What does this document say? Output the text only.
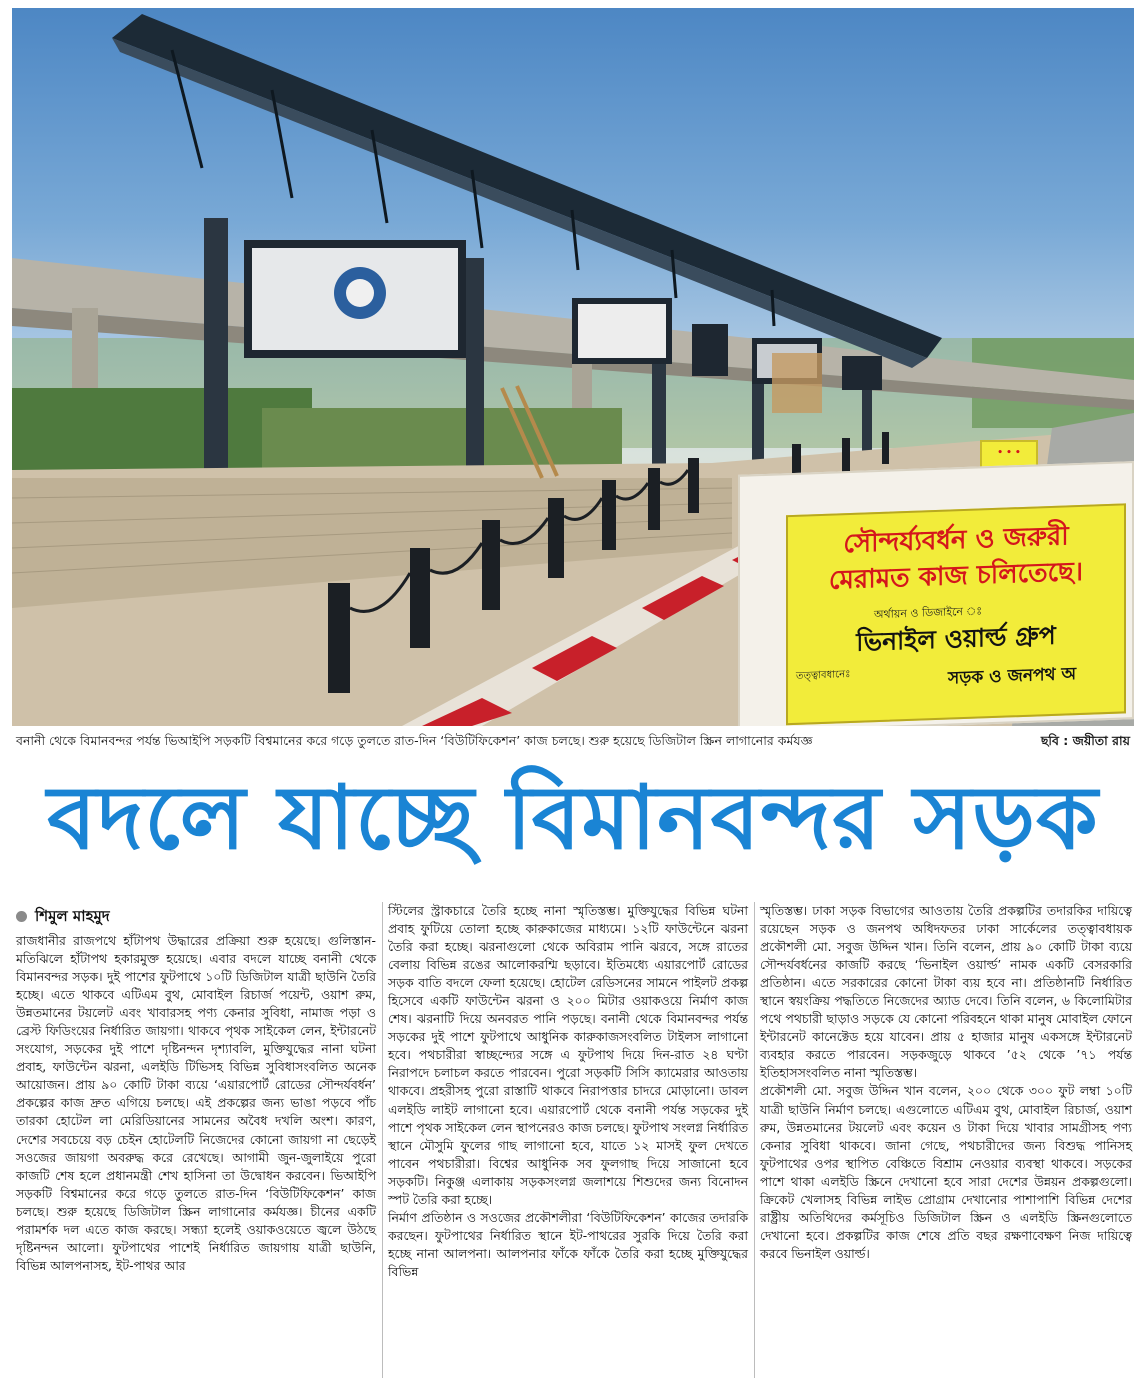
• • •
সৌন্দর্য্যবর্ধন ও জরুরী
মেরামত কাজ চলিতেছে।
অর্থায়ন ও ডিজাইনে ঃ
ভিনাইল ওয়ার্ল্ড গ্রুপ
তত্ত্বাবধানেঃ	সড়ক ও জনপথ অ
বনানী থেকে বিমানবন্দর পর্যন্ত ভিআইপি সড়কটি বিশ্বমানের করে গড়ে তুলতে রাত-দিন ‘বিউটিফিকেশন’ কাজ চলছে। শুরু হয়েছে ডিজিটাল স্ক্রিন লাগানোর কর্মযজ্ঞ	ছবি : জয়ীতা রায়
বদলে যাচ্ছে বিমানবন্দর সড়ক
শিমুল মাহমুদ

রাজধানীর রাজপথে হাঁটাপথ উদ্ধারের প্রক্রিয়া শুরু হয়েছে। গুলিস্তান-মতিঝিলে হাঁটাপথ হকারমুক্ত হয়েছে। এবার বদলে যাচ্ছে বনানী থেকে বিমানবন্দর সড়ক। দুই পাশের ফুটপাথে ১০টি ডিজিটাল যাত্রী ছাউনি তৈরি হচ্ছে। এতে থাকবে এটিএম বুথ, মোবাইল রিচার্জ পয়েন্ট, ওয়াশ রুম, উন্নতমানের টয়লেট এবং খাবারসহ পণ্য কেনার সুবিধা, নামাজ পড়া ও ব্রেস্ট ফিডিংয়ের নির্ধারিত জায়গা। থাকবে পৃথক সাইকেল লেন, ইন্টারনেট সংযোগ, সড়কের দুই পাশে দৃষ্টিনন্দন দৃশ্যাবলি, মুক্তিযুদ্ধের নানা ঘটনা প্রবাহ, ফাউন্টেন ঝরনা, এলইডি টিভিসহ বিভিন্ন সুবিধাসংবলিত অনেক আয়োজন। প্রায় ৯০ কোটি টাকা ব্যয়ে ‘এয়ারপোর্ট রোডের সৌন্দর্যবর্ধন’ প্রকল্পের কাজ দ্রুত এগিয়ে চলছে। এই প্রকল্পের জন্য ভাঙা পড়বে পাঁচ তারকা হোটেল লা মেরিডিয়ানের সামনের অবৈধ দখলি অংশ। কারণ, দেশের সবচেয়ে বড় চেইন হোটেলটি নিজেদের কোনো জায়গা না ছেড়েই সওজের জায়গা অবরুদ্ধ করে রেখেছে। আগামী জুন-জুলাইয়ে পুরো কাজটি শেষ হলে প্রধানমন্ত্রী শেখ হাসিনা তা উদ্বোধন করবেন। ভিআইপি সড়কটি বিশ্বমানের করে গড়ে তুলতে রাত-দিন ‘বিউটিফিকেশন’ কাজ চলছে। শুরু হয়েছে ডিজিটাল স্ক্রিন লাগানোর কর্মযজ্ঞ। চীনের একটি পরামর্শক দল এতে কাজ করছে। সন্ধ্যা হলেই ওয়াকওয়েতে জ্বলে উঠছে দৃষ্টিনন্দন আলো। ফুটপাথের পাশেই নির্ধারিত জায়গায় যাত্রী ছাউনি, বিভিন্ন আলপনাসহ, ইট-পাথর আর

স্টিলের স্ট্রাকচারে তৈরি হচ্ছে নানা স্মৃতিস্তম্ভ। মুক্তিযুদ্ধের বিভিন্ন ঘটনা প্রবাহ ফুটিয়ে তোলা হচ্ছে কারুকাজের মাধ্যমে। ১২টি ফাউন্টেনে ঝরনা তৈরি করা হচ্ছে। ঝরনাগুলো থেকে অবিরাম পানি ঝরবে, সঙ্গে রাতের বেলায় বিভিন্ন রঙের আলোকরশ্মি ছড়াবে। ইতিমধ্যে এয়ারপোর্ট রোডের সড়ক বাতি বদলে ফেলা হয়েছে। হোটেল রেডিসনের সামনে পাইলট প্রকল্প হিসেবে একটি ফাউন্টেন ঝরনা ও ২০০ মিটার ওয়াকওয়ে নির্মাণ কাজ শেষ। ঝরনাটি দিয়ে অনবরত পানি পড়ছে। বনানী থেকে বিমানবন্দর পর্যন্ত সড়কের দুই পাশে ফুটপাথে আধুনিক কারুকাজসংবলিত টাইলস লাগানো হবে। পথচারীরা স্বাচ্ছন্দ্যের সঙ্গে এ ফুটপাথ দিয়ে দিন-রাত ২৪ ঘণ্টা নিরাপদে চলাচল করতে পারবেন। পুরো সড়কটি সিসি ক্যামেরার আওতায় থাকবে। প্রহরীসহ পুরো রাস্তাটি থাকবে নিরাপত্তার চাদরে মোড়ানো। ডাবল এলইডি লাইট লাগানো হবে। এয়ারপোর্ট থেকে বনানী পর্যন্ত সড়কের দুই পাশে পৃথক সাইকেল লেন স্থাপনেরও কাজ চলছে। ফুটপাথ সংলগ্ন নির্ধারিত স্থানে মৌসুমি ফুলের গাছ লাগানো হবে, যাতে ১২ মাসই ফুল দেখতে পাবেন পথচারীরা। বিশ্বের আধুনিক সব ফুলগাছ দিয়ে সাজানো হবে সড়কটি। নিকুঞ্জ এলাকায় সড়কসংলগ্ন জলাশয়ে শিশুদের জন্য বিনোদন স্পট তৈরি করা হচ্ছে।

নির্মাণ প্রতিষ্ঠান ও সওজের প্রকৌশলীরা ‘বিউটিফিকেশন’ কাজের তদারকি করছেন। ফুটপাথের নির্ধারিত স্থানে ইট-পাথরের সুরকি দিয়ে তৈরি করা হচ্ছে নানা আলপনা। আলপনার ফাঁকে ফাঁকে তৈরি করা হচ্ছে মুক্তিযুদ্ধের বিভিন্ন

স্মৃতিস্তম্ভ। ঢাকা সড়ক বিভাগের আওতায় তৈরি প্রকল্পটির তদারকির দায়িত্বে রয়েছেন সড়ক ও জনপথ অধিদফতর ঢাকা সার্কেলের তত্ত্বাবধায়ক প্রকৌশলী মো. সবুজ উদ্দিন খান। তিনি বলেন, প্রায় ৯০ কোটি টাকা ব্যয়ে সৌন্দর্যবর্ধনের কাজটি করছে ‘ভিনাইল ওয়ার্ল্ড’ নামক একটি বেসরকারি প্রতিষ্ঠান। এতে সরকারের কোনো টাকা ব্যয় হবে না। প্রতিষ্ঠানটি নির্ধারিত স্থানে স্বয়ংক্রিয় পদ্ধতিতে নিজেদের অ্যাড দেবে। তিনি বলেন, ৬ কিলোমিটার পথে পথচারী ছাড়াও সড়কে যে কোনো পরিবহনে থাকা মানুষ মোবাইল ফোনে ইন্টারনেট কানেক্টেড হয়ে যাবেন। প্রায় ৫ হাজার মানুষ একসঙ্গে ইন্টারনেট ব্যবহার করতে পারবেন। সড়কজুড়ে থাকবে ’৫২ থেকে ’৭১ পর্যন্ত ইতিহাসসংবলিত নানা স্মৃতিস্তম্ভ।

প্রকৌশলী মো. সবুজ উদ্দিন খান বলেন, ২০০ থেকে ৩০০ ফুট লম্বা ১০টি যাত্রী ছাউনি নির্মাণ চলছে। এগুলোতে এটিএম বুথ, মোবাইল রিচার্জ, ওয়াশ রুম, উন্নতমানের টয়লেট এবং কয়েন ও টাকা দিয়ে খাবার সামগ্রীসহ পণ্য কেনার সুবিধা থাকবে। জানা গেছে, পথচারীদের জন্য বিশুদ্ধ পানিসহ ফুটপাথের ওপর স্থাপিত বেঞ্চিতে বিশ্রাম নেওয়ার ব্যবস্থা থাকবে। সড়কের পাশে থাকা এলইডি স্ক্রিনে দেখানো হবে সারা দেশের উন্নয়ন প্রকল্পগুলো। ক্রিকেট খেলাসহ বিভিন্ন লাইভ প্রোগ্রাম দেখানোর পাশাপাশি বিভিন্ন দেশের রাষ্ট্রীয় অতিথিদের কর্মসূচিও ডিজিটাল স্ক্রিন ও এলইডি স্ক্রিনগুলোতে দেখানো হবে। প্রকল্পটির কাজ শেষে প্রতি বছর রক্ষণাবেক্ষণ নিজ দায়িত্বে করবে ভিনাইল ওয়ার্ল্ড।
